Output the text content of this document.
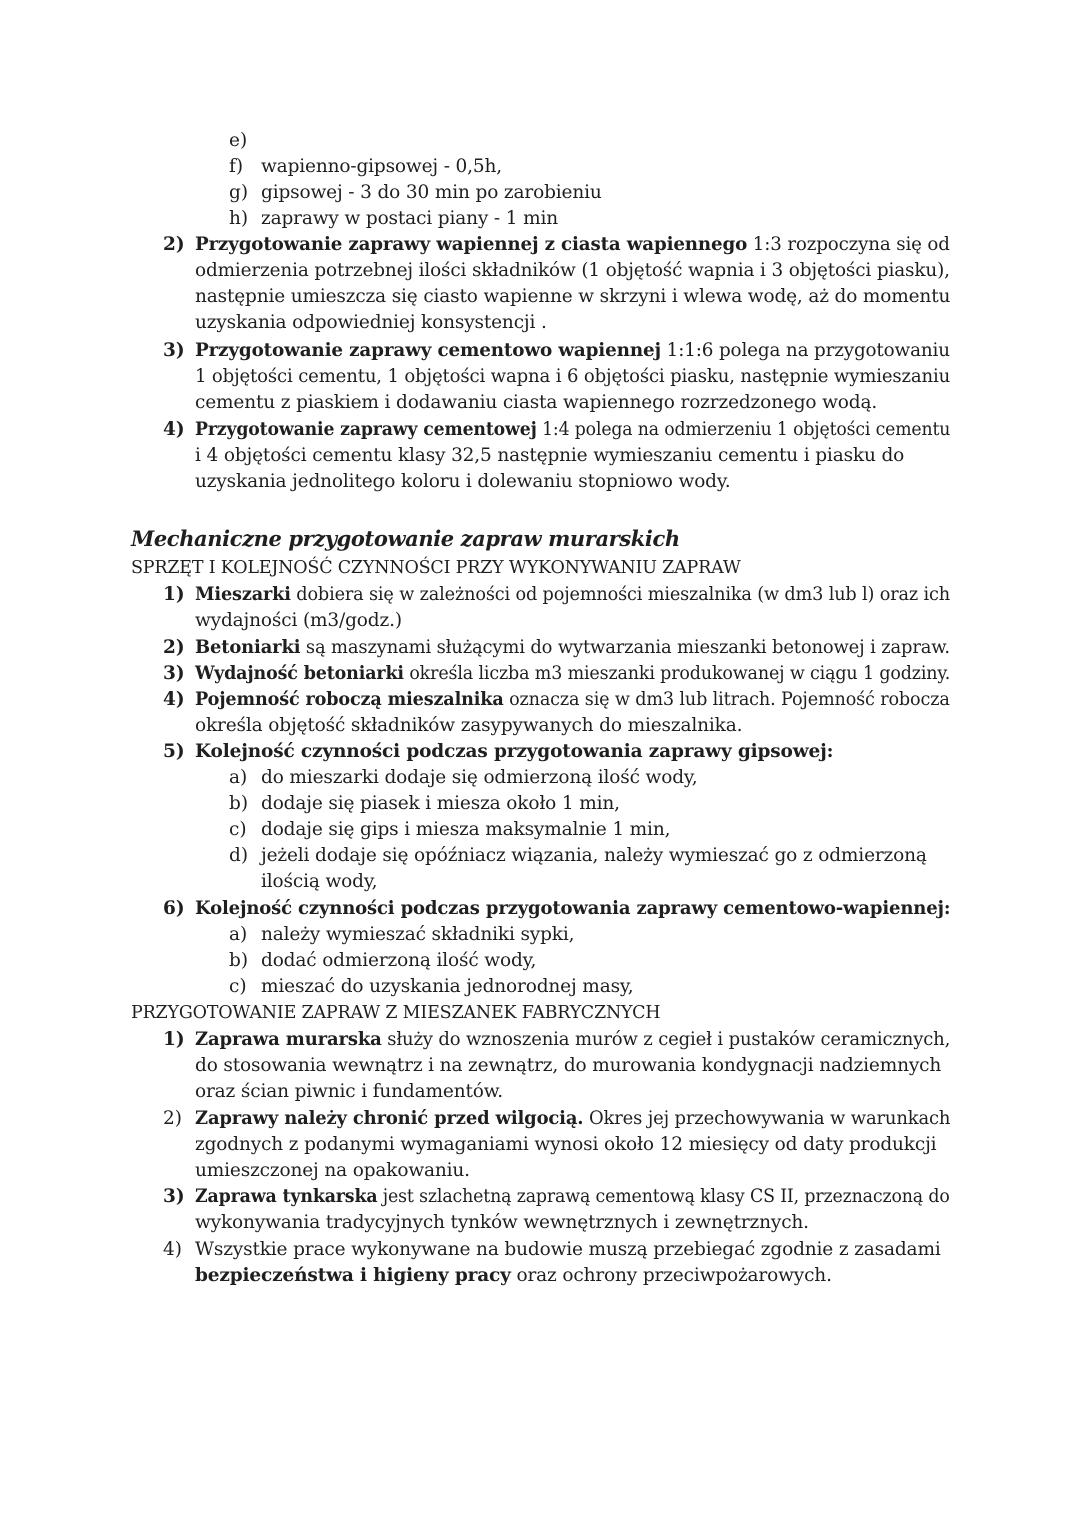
e)
f) wapienno-gipsowej - 0,5h,
g) gipsowej - 3 do 30 min po zarobieniu
h) zaprawy w postaci piany - 1 min
2) Przygotowanie zaprawy wapiennej z ciasta wapiennego 1:3 rozpoczyna się od
odmierzenia potrzebnej ilości składników (1 objętość wapnia i 3 objętości piasku),
następnie umieszcza się ciasto wapienne w skrzyni i wlewa wodę, aż do momentu
uzyskania odpowiedniej konsystencji .
3) Przygotowanie zaprawy cementowo wapiennej 1:1:6 polega na przygotowaniu
1 objętości cementu, 1 objętości wapna i 6 objętości piasku, następnie wymieszaniu
cementu z piaskiem i dodawaniu ciasta wapiennego rozrzedzonego wodą.
4) Przygotowanie zaprawy cementowej 1:4 polega na odmierzeniu 1 objętości cementu
i 4 objętości cementu klasy 32,5 następnie wymieszaniu cementu i piasku do
uzyskania jednolitego koloru i dolewaniu stopniowo wody.
Mechaniczne przygotowanie zapraw murarskich
SPRZĘT I KOLEJNOŚĆ CZYNNOŚCI PRZY WYKONYWANIU ZAPRAW
1) Mieszarki dobiera się w zależności od pojemności mieszalnika (w dm3 lub l) oraz ich
wydajności (m3/godz.)
2) Betoniarki są maszynami służącymi do wytwarzania mieszanki betonowej i zapraw.
3) Wydajność betoniarki określa liczba m3 mieszanki produkowanej w ciągu 1 godziny.
4) Pojemność roboczą mieszalnika oznacza się w dm3 lub litrach. Pojemność robocza
określa objętość składników zasypywanych do mieszalnika.
5) Kolejność czynności podczas przygotowania zaprawy gipsowej:
a) do mieszarki dodaje się odmierzoną ilość wody,
b) dodaje się piasek i miesza około 1 min,
c) dodaje się gips i miesza maksymalnie 1 min,
d) jeżeli dodaje się opóźniacz wiązania, należy wymieszać go z odmierzoną
ilością wody,
6) Kolejność czynności podczas przygotowania zaprawy cementowo-wapiennej:
a) należy wymieszać składniki sypki,
b) dodać odmierzoną ilość wody,
c) mieszać do uzyskania jednorodnej masy,
PRZYGOTOWANIE ZAPRAW Z MIESZANEK FABRYCZNYCH
1) Zaprawa murarska służy do wznoszenia murów z cegieł i pustaków ceramicznych,
do stosowania wewnątrz i na zewnątrz, do murowania kondygnacji nadziemnych
oraz ścian piwnic i fundamentów.
2) Zaprawy należy chronić przed wilgocią. Okres jej przechowywania w warunkach
zgodnych z podanymi wymaganiami wynosi około 12 miesięcy od daty produkcji
umieszczonej na opakowaniu.
3) Zaprawa tynkarska jest szlachetną zaprawą cementową klasy CS II, przeznaczoną do
wykonywania tradycyjnych tynków wewnętrznych i zewnętrznych.
4) Wszystkie prace wykonywane na budowie muszą przebiegać zgodnie z zasadami
bezpieczeństwa i higieny pracy oraz ochrony przeciwpożarowych.
